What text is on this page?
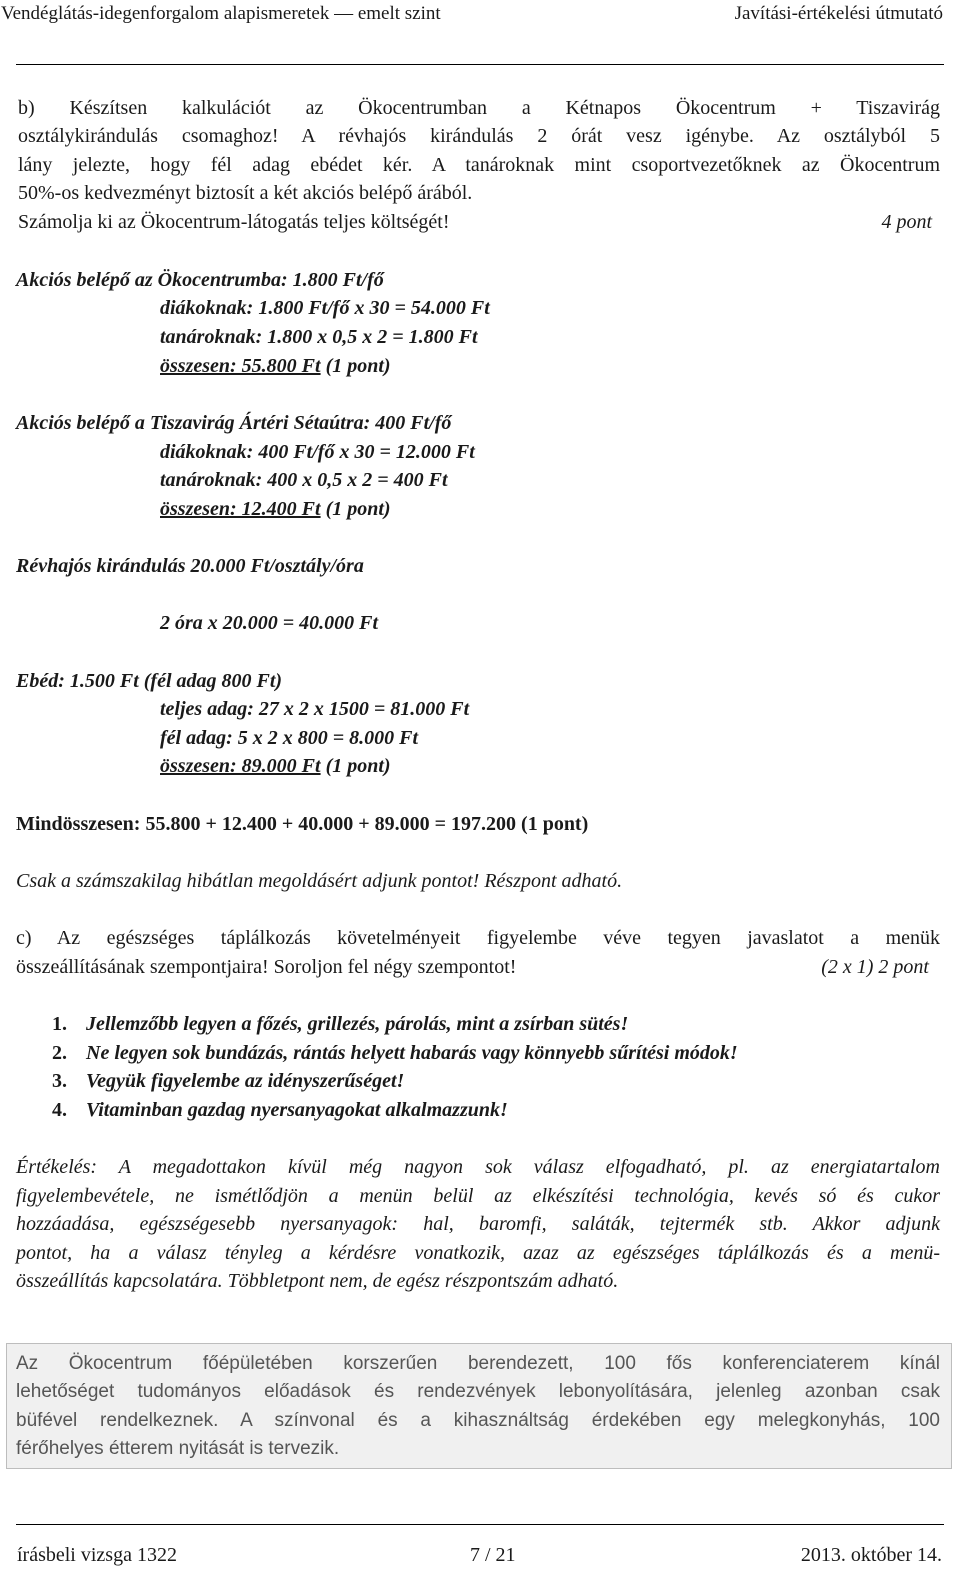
Vendéglátás-idegenforgalom alapismeretek — emelt szint	Javítási-értékelési útmutató
b) Készítsen kalkulációt az Ökocentrumban a Kétnapos Ökocentrum + Tiszavirág
osztálykirándulás csomaghoz! A révhajós kirándulás 2 órát vesz igénybe. Az osztályból 5
lány jelezte, hogy fél adag ebédet kér. A tanároknak mint csoportvezetőknek az Ökocentrum
50%-os kedvezményt biztosít a két akciós belépő árából.
Számolja ki az Ökocentrum-látogatás teljes költségét!	4 pont
Akciós belépő az Ökocentrumba: 1.800 Ft/fő
diákoknak: 1.800 Ft/fő x 30 = 54.000 Ft
tanároknak: 1.800 x 0,5 x 2 = 1.800 Ft
összesen: 55.800 Ft (1 pont)
Akciós belépő a Tiszavirág Ártéri Sétaútra: 400 Ft/fő
diákoknak: 400 Ft/fő x 30 = 12.000 Ft
tanároknak: 400 x 0,5 x 2 = 400 Ft
összesen: 12.400 Ft (1 pont)
Révhajós kirándulás 20.000 Ft/osztály/óra
2 óra x 20.000 = 40.000 Ft
Ebéd: 1.500 Ft (fél adag 800 Ft)
teljes adag: 27 x 2 x 1500 = 81.000 Ft
fél adag: 5 x 2 x 800 = 8.000 Ft
összesen: 89.000 Ft (1 pont)
Mindösszesen: 55.800 + 12.400 + 40.000 + 89.000 = 197.200 (1 pont)
Csak a számszakilag hibátlan megoldásért adjunk pontot! Részpont adható.
c) Az egészséges táplálkozás követelményeit figyelembe véve tegyen javaslatot a menük
összeállításának szempontjaira! Soroljon fel négy szempontot!	(2 x 1) 2 pont
1. Jellemzőbb legyen a főzés, grillezés, párolás, mint a zsírban sütés!
2. Ne legyen sok bundázás, rántás helyett habarás vagy könnyebb sűrítési módok!
3. Vegyük figyelembe az idényszerűséget!
4. Vitaminban gazdag nyersanyagokat alkalmazzunk!
Értékelés: A megadottakon kívül még nagyon sok válasz elfogadható, pl. az energiatartalom
figyelembevétele, ne ismétlődjön a menün belül az elkészítési technológia, kevés só és cukor
hozzáadása, egészségesebb nyersanyagok: hal, baromfi, saláták, tejtermék stb. Akkor adjunk
pontot, ha a válasz tényleg a kérdésre vonatkozik, azaz az egészséges táplálkozás és a menü-
összeállítás kapcsolatára. Többletpont nem, de egész részpontszám adható.
Az Ökocentrum főépületében korszerűen berendezett, 100 fős konferenciaterem kínál
lehetőséget tudományos előadások és rendezvények lebonyolítására, jelenleg azonban csak
büfével rendelkeznek. A színvonal és a kihasználtság érdekében egy melegkonyhás, 100
férőhelyes étterem nyitását is tervezik.
írásbeli vizsga 1322	7 / 21	2013. október 14.
